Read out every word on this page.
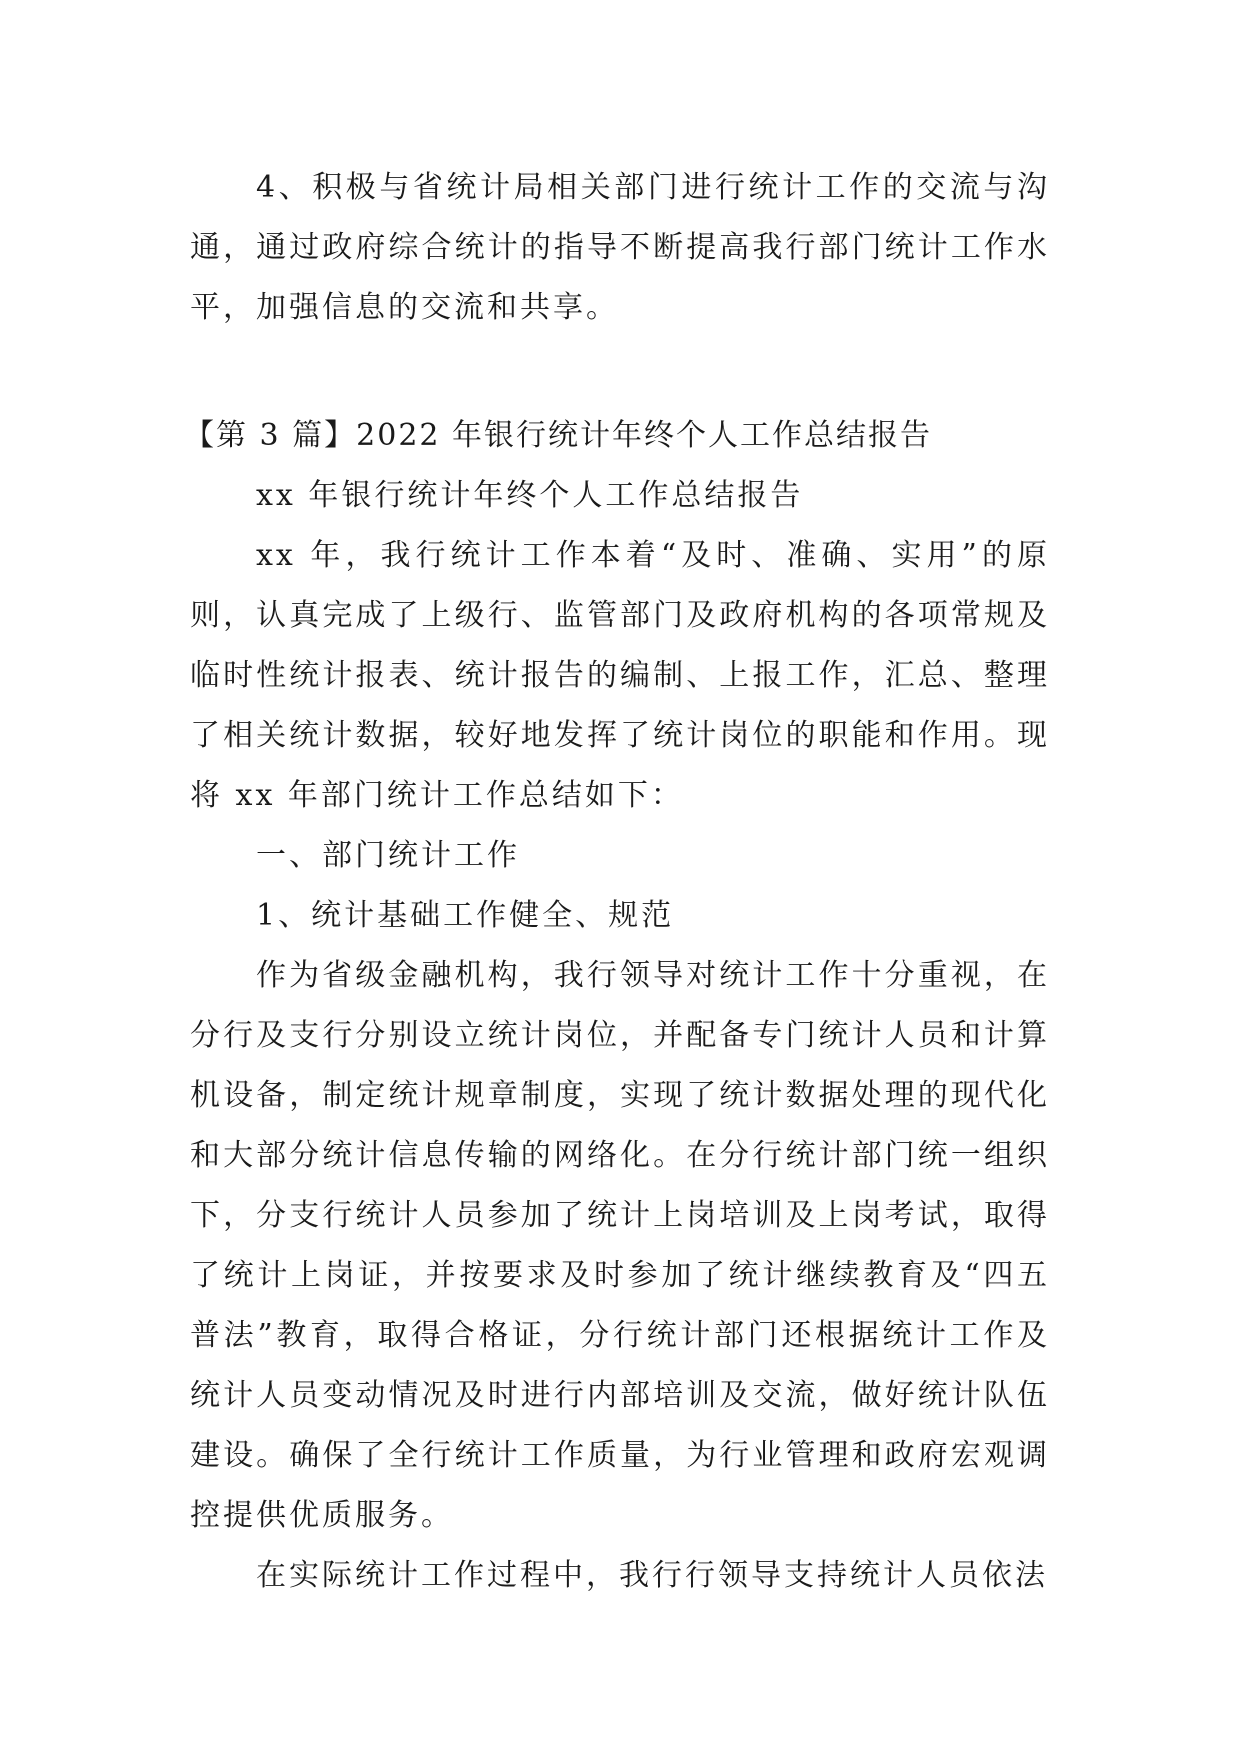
4、积极与省统计局相关部门进行统计工作的交流与沟通，通过政府综合统计的指导不断提高我行部门统计工作水平，加强信息的交流和共享。

【第 3 篇】2022 年银行统计年终个人工作总结报告

xx 年银行统计年终个人工作总结报告

xx 年，我行统计工作本着“及时、准确、实用”的原则，认真完成了上级行、监管部门及政府机构的各项常规及临时性统计报表、统计报告的编制、上报工作，汇总、整理了相关统计数据，较好地发挥了统计岗位的职能和作用。现将 xx 年部门统计工作总结如下：

一、部门统计工作

1、统计基础工作健全、规范

作为省级金融机构，我行领导对统计工作十分重视，在分行及支行分别设立统计岗位，并配备专门统计人员和计算机设备，制定统计规章制度，实现了统计数据处理的现代化和大部分统计信息传输的网络化。在分行统计部门统一组织下，分支行统计人员参加了统计上岗培训及上岗考试，取得了统计上岗证，并按要求及时参加了统计继续教育及“四五普法”教育，取得合格证，分行统计部门还根据统计工作及统计人员变动情况及时进行内部培训及交流，做好统计队伍建设。确保了全行统计工作质量，为行业管理和政府宏观调控提供优质服务。

在实际统计工作过程中，我行行领导支持统计人员依法
